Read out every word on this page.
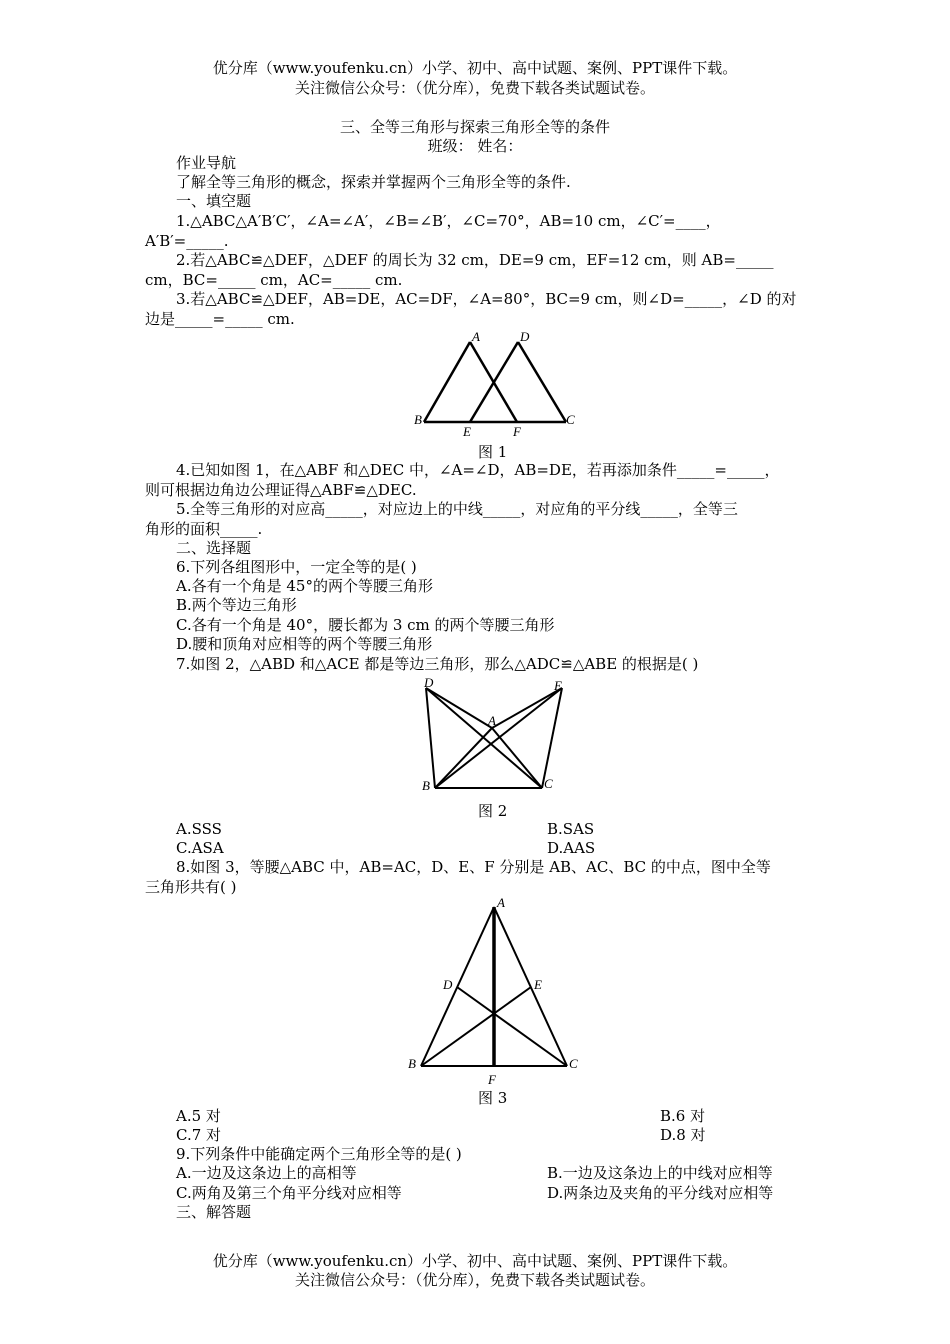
优分库（www.youfenku.cn）小学、初中、高中试题、案例、PPT课件下载。
关注微信公众号：（优分库），免费下载各类试题试卷。
三、全等三角形与探索三角形全等的条件
班级： 姓名：
作业导航
了解全等三角形的概念，探索并掌握两个三角形全等的条件.
一、填空题
1.△ABC△A′B′C′，∠A=∠A′，∠B=∠B′，∠C=70°，AB=10 cm，∠C′=____，
A′B′=_____.
2.若△ABC≌△DEF，△DEF 的周长为 32 cm，DE=9 cm，EF=12 cm，则 AB=_____
cm，BC=_____ cm，AC=_____ cm.
3.若△ABC≌△DEF，AB=DE，AC=DF，∠A=80°，BC=9 cm，则∠D=_____，∠D 的对
边是_____=_____ cm.
A	D
B
E	F
C
图 1
4.已知如图 1，在△ABF 和△DEC 中，∠A=∠D，AB=DE，若再添加条件_____=_____，
则可根据边角边公理证得△ABF≌△DEC.
5.全等三角形的对应高_____，对应边上的中线_____，对应角的平分线_____，全等三
角形的面积_____.
二、选择题
6.下列各组图形中，一定全等的是( )
A.各有一个角是 45°的两个等腰三角形
B.两个等边三角形
C.各有一个角是 40°，腰长都为 3 cm 的两个等腰三角形
D.腰和顶角对应相等的两个等腰三角形
7.如图 2，△ABD 和△ACE 都是等边三角形，那么△ADC≌△ABE 的根据是( )
D	E
A
B	C
图 2
A.SSS	B.SAS
C.ASA	D.AAS
8.如图 3，等腰△ABC 中，AB=AC，D、E、F 分别是 AB、AC、BC 的中点，图中全等
三角形共有( )
A
D	E
B
F
C
图 3
A.5 对	B.6 对
C.7 对	D.8 对
9.下列条件中能确定两个三角形全等的是( )
A.一边及这条边上的高相等	B.一边及这条边上的中线对应相等
C.两角及第三个角平分线对应相等	D.两条边及夹角的平分线对应相等
三、解答题
优分库（www.youfenku.cn）小学、初中、高中试题、案例、PPT课件下载。
关注微信公众号：（优分库），免费下载各类试题试卷。
